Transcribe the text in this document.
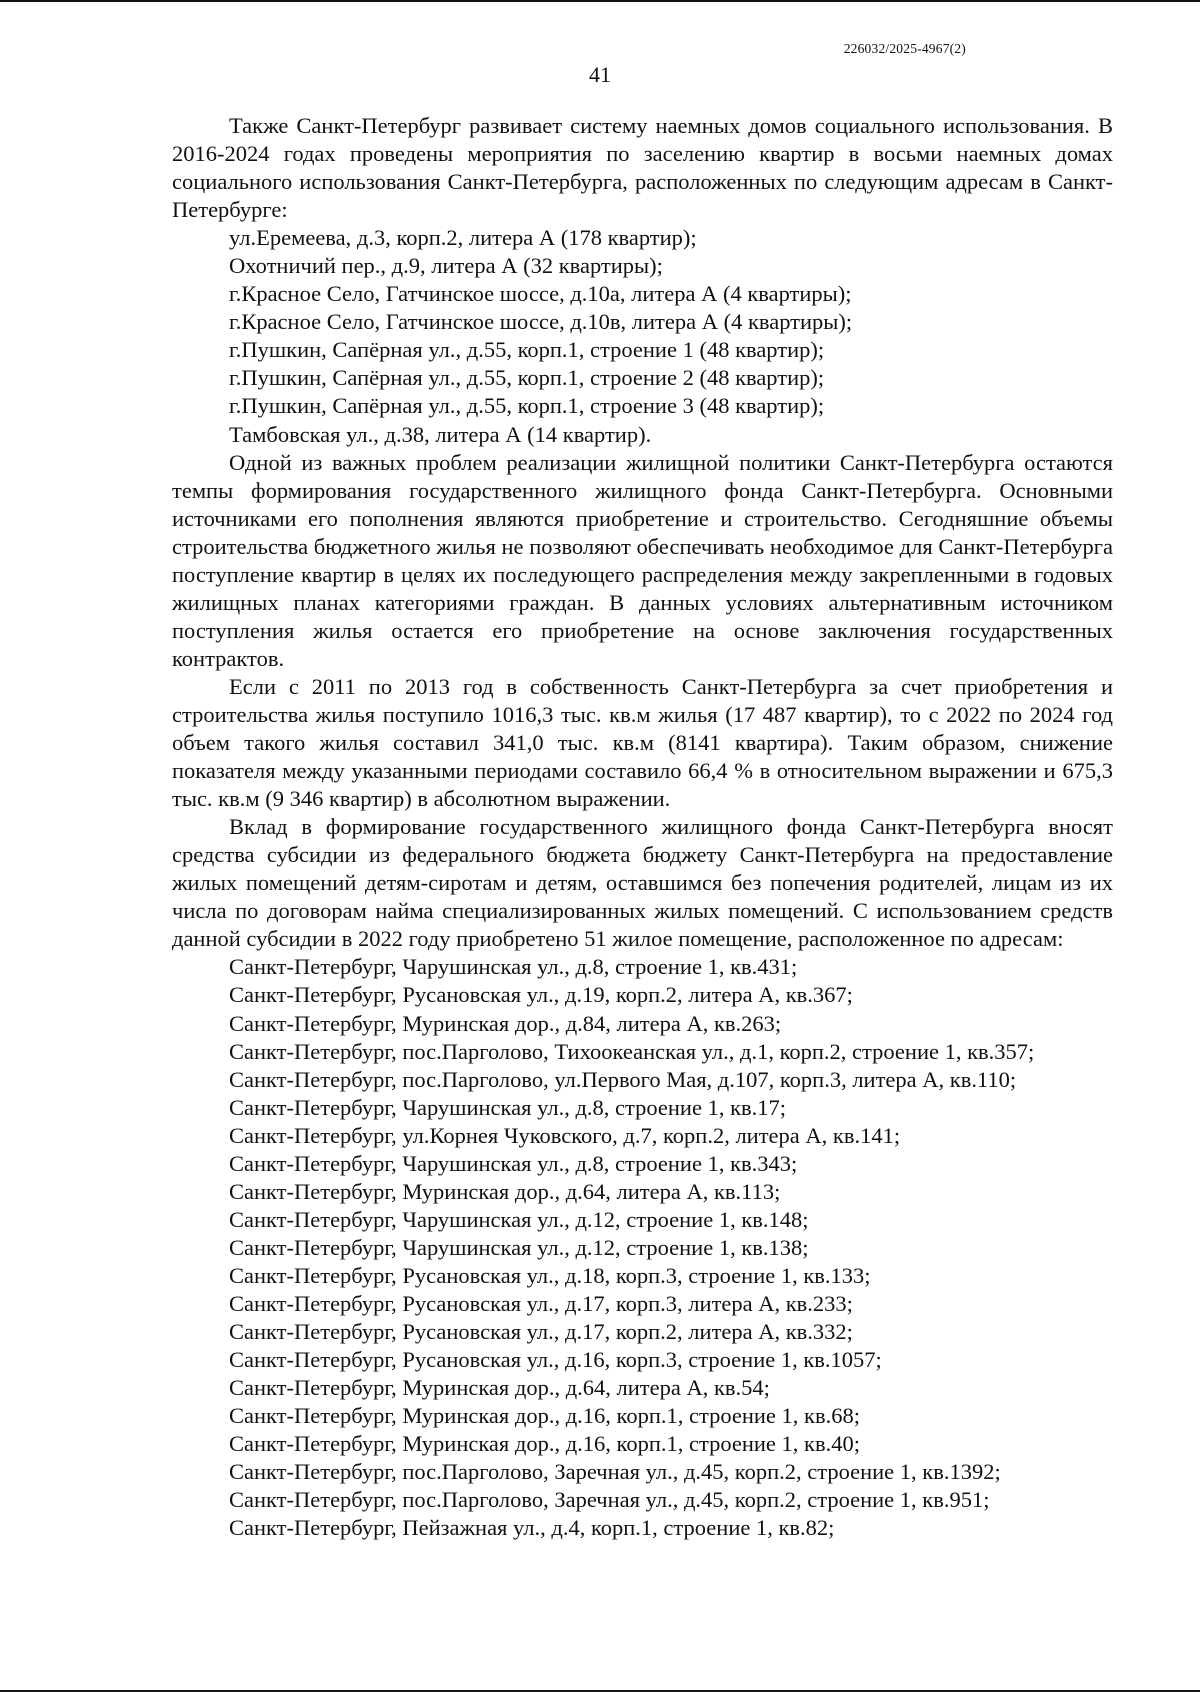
226032/2025-4967(2)
41

Также Санкт-Петербург развивает систему наемных домов социального использования. В 2016-2024 годах проведены мероприятия по заселению квартир в восьми наемных домах социального использования Санкт-Петербурга, расположенных по следующим адресам в Санкт-Петербурге:

ул.Еремеева, д.3, корп.2, литера А (178 квартир);
Охотничий пер., д.9, литера А (32 квартиры);
г.Красное Село, Гатчинское шоссе, д.10а, литера А (4 квартиры);
г.Красное Село, Гатчинское шоссе, д.10в, литера А (4 квартиры);
г.Пушкин, Сапёрная ул., д.55, корп.1, строение 1 (48 квартир);
г.Пушкин, Сапёрная ул., д.55, корп.1, строение 2 (48 квартир);
г.Пушкин, Сапёрная ул., д.55, корп.1, строение 3 (48 квартир);
Тамбовская ул., д.38, литера А (14 квартир).

Одной из важных проблем реализации жилищной политики Санкт-Петербурга остаются темпы формирования государственного жилищного фонда Санкт-Петербурга. Основными источниками его пополнения являются приобретение и строительство. Сегодняшние объемы строительства бюджетного жилья не позволяют обеспечивать необходимое для Санкт-Петербурга поступление квартир в целях их последующего распределения между закрепленными в годовых жилищных планах категориями граждан. В данных условиях альтернативным источником поступления жилья остается его приобретение на основе заключения государственных контрактов.

Если с 2011 по 2013 год в собственность Санкт-Петербурга за счет приобретения и строительства жилья поступило 1016,3 тыс. кв.м жилья (17 487 квартир), то с 2022 по 2024 год объем такого жилья составил 341,0 тыс. кв.м (8141 квартира). Таким образом, снижение показателя между указанными периодами составило 66,4 % в относительном выражении и 675,3 тыс. кв.м (9 346 квартир) в абсолютном выражении.

Вклад в формирование государственного жилищного фонда Санкт-Петербурга вносят средства субсидии из федерального бюджета бюджету Санкт-Петербурга на предоставление жилых помещений детям-сиротам и детям, оставшимся без попечения родителей, лицам из их числа по договорам найма специализированных жилых помещений. С использованием средств данной субсидии в 2022 году приобретено 51 жилое помещение, расположенное по адресам:

Санкт-Петербург, Чарушинская ул., д.8, строение 1, кв.431;
Санкт-Петербург, Русановская ул., д.19, корп.2, литера А, кв.367;
Санкт-Петербург, Муринская дор., д.84, литера А, кв.263;
Санкт-Петербург, пос.Парголово, Тихоокеанская ул., д.1, корп.2, строение 1, кв.357;
Санкт-Петербург, пос.Парголово, ул.Первого Мая, д.107, корп.3, литера А, кв.110;
Санкт-Петербург, Чарушинская ул., д.8, строение 1, кв.17;
Санкт-Петербург, ул.Корнея Чуковского, д.7, корп.2, литера А, кв.141;
Санкт-Петербург, Чарушинская ул., д.8, строение 1, кв.343;
Санкт-Петербург, Муринская дор., д.64, литера А, кв.113;
Санкт-Петербург, Чарушинская ул., д.12, строение 1, кв.148;
Санкт-Петербург, Чарушинская ул., д.12, строение 1, кв.138;
Санкт-Петербург, Русановская ул., д.18, корп.3, строение 1, кв.133;
Санкт-Петербург, Русановская ул., д.17, корп.3, литера А, кв.233;
Санкт-Петербург, Русановская ул., д.17, корп.2, литера А, кв.332;
Санкт-Петербург, Русановская ул., д.16, корп.3, строение 1, кв.1057;
Санкт-Петербург, Муринская дор., д.64, литера А, кв.54;
Санкт-Петербург, Муринская дор., д.16, корп.1, строение 1, кв.68;
Санкт-Петербург, Муринская дор., д.16, корп.1, строение 1, кв.40;
Санкт-Петербург, пос.Парголово, Заречная ул., д.45, корп.2, строение 1, кв.1392;
Санкт-Петербург, пос.Парголово, Заречная ул., д.45, корп.2, строение 1, кв.951;
Санкт-Петербург, Пейзажная ул., д.4, корп.1, строение 1, кв.82;
